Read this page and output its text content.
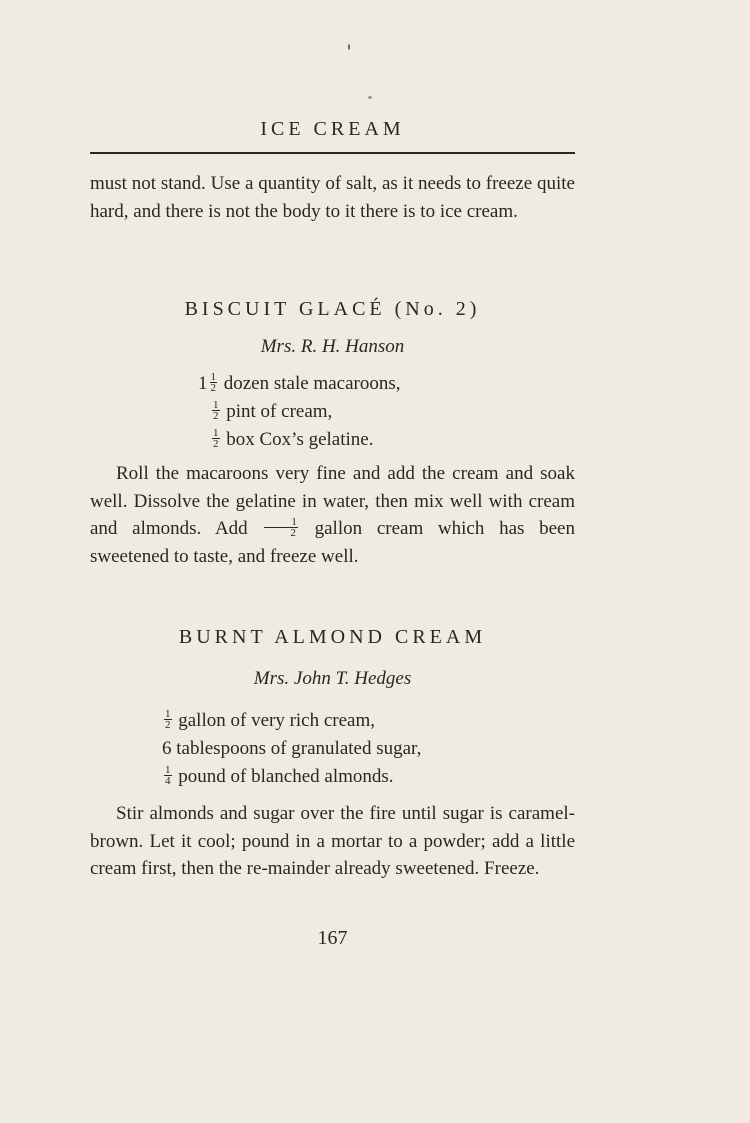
ICE CREAM
must not stand. Use a quantity of salt, as it needs to freeze quite hard, and there is not the body to it there is to ice cream.
BISCUIT GLACÉ (No. 2)
Mrs. R. H. Hanson
$1 \frac{1}{2}$ dozen stale macaroons,
$\frac{1}{2}$ pint of cream,
$\frac{1}{2}$ box Cox’s gelatine.
Roll the macaroons very fine and add the cream and soak well. Dissolve the gelatine in water, then mix well with cream and almonds. Add $\frac{1}{2}$ gallon cream which has been sweetened to taste, and freeze well.
BURNT ALMOND CREAM
Mrs. John T. Hedges
$\frac{1}{2}$ gallon of very rich cream,
6 tablespoons of granulated sugar,
$\frac{1}{4}$ pound of blanched almonds.
Stir almonds and sugar over the fire until sugar is caramel-brown. Let it cool; pound in a mortar to a powder; add a little cream first, then the re-mainder already sweetened. Freeze.
167
